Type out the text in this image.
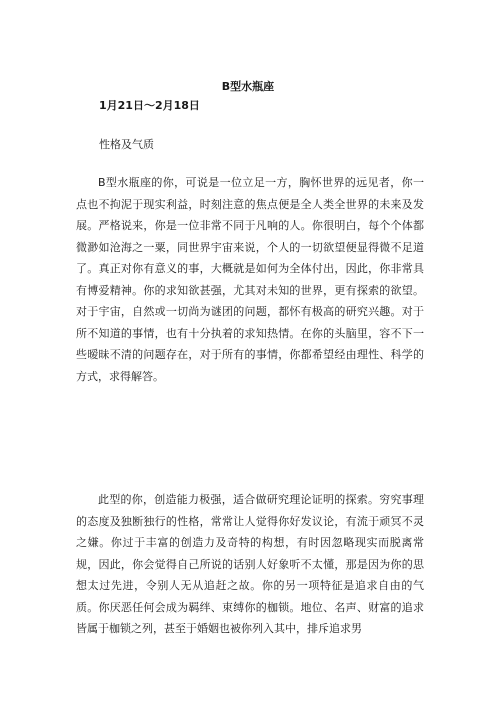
B型水瓶座
1月21日～2月18日
性格及气质

B型水瓶座的你，可说是一位立足一方，胸怀世界的远见者，你一点也不拘泥于现实利益，时刻注意的焦点便是全人类全世界的未来及发展。严格说来，你是一位非常不同于凡响的人。你很明白，每个个体都微渺如沧海之一粟，同世界宇宙来说，个人的一切欲望便显得微不足道了。真正对你有意义的事，大概就是如何为全体付出，因此，你非常具有博爱精神。你的求知欲甚强，尤其对未知的世界，更有探索的欲望。对于宇宙，自然或一切尚为谜团的问题，都怀有极高的研究兴趣。对于所不知道的事情，也有十分执着的求知热情。在你的头脑里，容不下一些暧昧不清的问题存在，对于所有的事情，你都希望经由理性、科学的方式，求得解答。

此型的你，创造能力极强，适合做研究理论证明的探索。穷究事理的态度及独断独行的性格，常常让人觉得你好发议论，有流于顽冥不灵之嫌。你过于丰富的创造力及奇特的构想，有时因忽略现实而脱离常规，因此，你会觉得自己所说的话别人好象听不太懂，那是因为你的思想太过先进，令别人无从追赶之故。你的另一项特征是追求自由的气质。你厌恶任何会成为羁绊、束缚你的枷锁。地位、名声、财富的追求皆属于枷锁之列，甚至于婚姻也被你列入其中，排斥追求男
